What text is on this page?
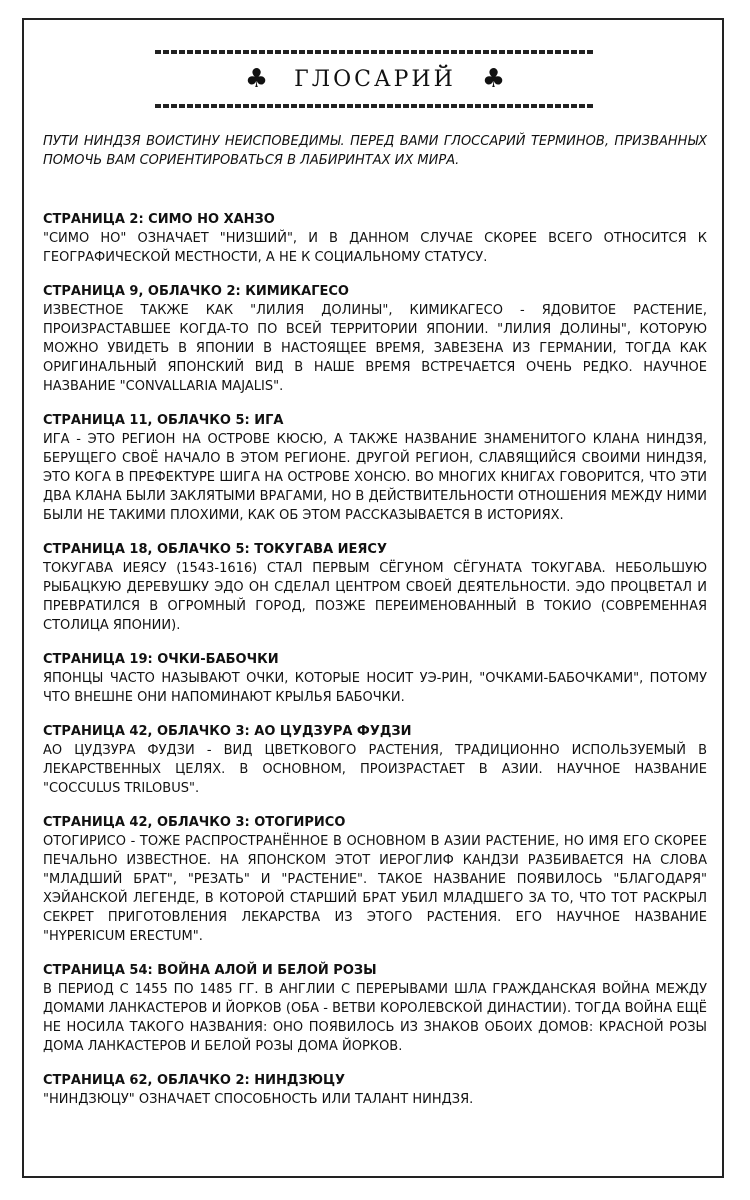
♣ ГЛОСАРИЙ ♣

ПУТИ НИНДЗЯ ВОИСТИНУ НЕИСПОВЕДИМЫ. ПЕРЕД ВАМИ ГЛОССАРИЙ ТЕРМИНОВ, ПРИЗВАННЫХ ПОМОЧЬ ВАМ СОРИЕНТИРОВАТЬСЯ В ЛАБИРИНТАХ ИХ МИРА.

СТРАНИЦА 2: СИМО НО ХАНЗО

"СИМО НО" ОЗНАЧАЕТ "НИЗШИЙ", И В ДАННОМ СЛУЧАЕ СКОРЕЕ ВСЕГО ОТНОСИТСЯ К ГЕОГРАФИЧЕСКОЙ МЕСТНОСТИ, А НЕ К СОЦИАЛЬНОМУ СТАТУСУ.

СТРАНИЦА 9, ОБЛАЧКО 2: КИМИКАГЕСО

ИЗВЕСТНОЕ ТАКЖЕ КАК "ЛИЛИЯ ДОЛИНЫ", КИМИКАГЕСО - ЯДОВИТОЕ РАСТЕНИЕ, ПРОИЗРАСТАВШЕЕ КОГДА-ТО ПО ВСЕЙ ТЕРРИТОРИИ ЯПОНИИ. "ЛИЛИЯ ДОЛИНЫ", КОТОРУЮ МОЖНО УВИДЕТЬ В ЯПОНИИ В НАСТОЯЩЕЕ ВРЕМЯ, ЗАВЕЗЕНА ИЗ ГЕРМАНИИ, ТОГДА КАК ОРИГИНАЛЬНЫЙ ЯПОНСКИЙ ВИД В НАШЕ ВРЕМЯ ВСТРЕЧАЕТСЯ ОЧЕНЬ РЕДКО. НАУЧНОЕ НАЗВАНИЕ "CONVALLARIA MAJALIS".

СТРАНИЦА 11, ОБЛАЧКО 5: ИГА

ИГА - ЭТО РЕГИОН НА ОСТРОВЕ КЮСЮ, А ТАКЖЕ НАЗВАНИЕ ЗНАМЕНИТОГО КЛАНА НИНДЗЯ, БЕРУЩЕГО СВОЁ НАЧАЛО В ЭТОМ РЕГИОНЕ. ДРУГОЙ РЕГИОН, СЛАВЯЩИЙСЯ СВОИМИ НИНДЗЯ, ЭТО КОГА В ПРЕФЕКТУРЕ ШИГА НА ОСТРОВЕ ХОНСЮ. ВО МНОГИХ КНИГАХ ГОВОРИТСЯ, ЧТО ЭТИ ДВА КЛАНА БЫЛИ ЗАКЛЯТЫМИ ВРАГАМИ, НО В ДЕЙСТВИТЕЛЬНОСТИ ОТНОШЕНИЯ МЕЖДУ НИМИ БЫЛИ НЕ ТАКИМИ ПЛОХИМИ, КАК ОБ ЭТОМ РАССКАЗЫВАЕТСЯ В ИСТОРИЯХ.

СТРАНИЦА 18, ОБЛАЧКО 5: ТОКУГАВА ИЕЯСУ

ТОКУГАВА ИЕЯСУ (1543-1616) СТАЛ ПЕРВЫМ СЁГУНОМ СЁГУНАТА ТОКУГАВА. НЕБОЛЬШУЮ РЫБАЦКУЮ ДЕРЕВУШКУ ЭДО ОН СДЕЛАЛ ЦЕНТРОМ СВОЕЙ ДЕЯТЕЛЬНОСТИ. ЭДО ПРОЦВЕТАЛ И ПРЕВРАТИЛСЯ В ОГРОМНЫЙ ГОРОД, ПОЗЖЕ ПЕРЕИМЕНОВАННЫЙ В ТОКИО (СОВРЕМЕННАЯ СТОЛИЦА ЯПОНИИ).

СТРАНИЦА 19: ОЧКИ-БАБОЧКИ

ЯПОНЦЫ ЧАСТО НАЗЫВАЮТ ОЧКИ, КОТОРЫЕ НОСИТ УЭ-РИН, "ОЧКАМИ-БАБОЧКАМИ", ПОТОМУ ЧТО ВНЕШНЕ ОНИ НАПОМИНАЮТ КРЫЛЬЯ БАБОЧКИ.

СТРАНИЦА 42, ОБЛАЧКО 3: АО ЦУДЗУРА ФУДЗИ

АО ЦУДЗУРА ФУДЗИ - ВИД ЦВЕТКОВОГО РАСТЕНИЯ, ТРАДИЦИОННО ИСПОЛЬЗУЕМЫЙ В ЛЕКАРСТВЕННЫХ ЦЕЛЯХ. В ОСНОВНОМ, ПРОИЗРАСТАЕТ В АЗИИ. НАУЧНОЕ НАЗВАНИЕ "COCCULUS TRILOBUS".

СТРАНИЦА 42, ОБЛАЧКО 3: ОТОГИРИСО

ОТОГИРИСО - ТОЖЕ РАСПРОСТРАНЁННОЕ В ОСНОВНОМ В АЗИИ РАСТЕНИЕ, НО ИМЯ ЕГО СКОРЕЕ ПЕЧАЛЬНО ИЗВЕСТНОЕ. НА ЯПОНСКОМ ЭТОТ ИЕРОГЛИФ КАНДЗИ РАЗБИВАЕТСЯ НА СЛОВА "МЛАДШИЙ БРАТ", "РЕЗАТЬ" И "РАСТЕНИЕ". ТАКОЕ НАЗВАНИЕ ПОЯВИЛОСЬ "БЛАГОДАРЯ" ХЭЙАНСКОЙ ЛЕГЕНДЕ, В КОТОРОЙ СТАРШИЙ БРАТ УБИЛ МЛАДШЕГО ЗА ТО, ЧТО ТОТ РАСКРЫЛ СЕКРЕТ ПРИГОТОВЛЕНИЯ ЛЕКАРСТВА ИЗ ЭТОГО РАСТЕНИЯ. ЕГО НАУЧНОЕ НАЗВАНИЕ "HYPERICUM ERECTUM".

СТРАНИЦА 54: ВОЙНА АЛОЙ И БЕЛОЙ РОЗЫ

В ПЕРИОД С 1455 ПО 1485 ГГ. В АНГЛИИ С ПЕРЕРЫВАМИ ШЛА ГРАЖДАНСКАЯ ВОЙНА МЕЖДУ ДОМАМИ ЛАНКАСТЕРОВ И ЙОРКОВ (ОБА - ВЕТВИ КОРОЛЕВСКОЙ ДИНАСТИИ). ТОГДА ВОЙНА ЕЩЁ НЕ НОСИЛА ТАКОГО НАЗВАНИЯ: ОНО ПОЯВИЛОСЬ ИЗ ЗНАКОВ ОБОИХ ДОМОВ: КРАСНОЙ РОЗЫ ДОМА ЛАНКАСТЕРОВ И БЕЛОЙ РОЗЫ ДОМА ЙОРКОВ.

СТРАНИЦА 62, ОБЛАЧКО 2: НИНДЗЮЦУ

"НИНДЗЮЦУ" ОЗНАЧАЕТ СПОСОБНОСТЬ ИЛИ ТАЛАНТ НИНДЗЯ.
